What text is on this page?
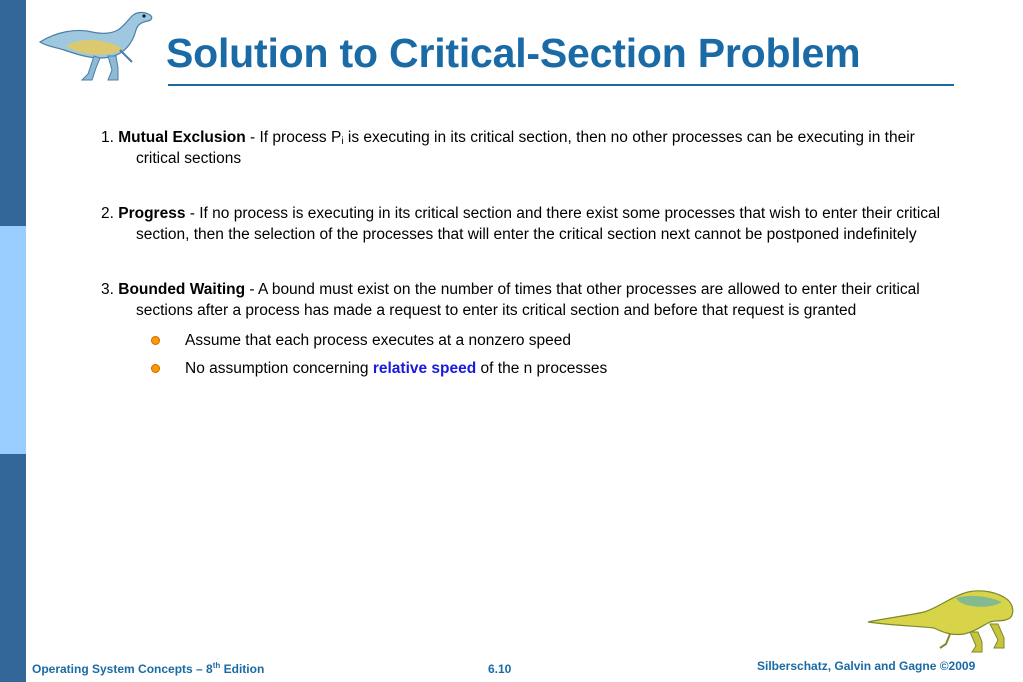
Solution to Critical-Section Problem

1. Mutual Exclusion - If process $P_i$ is executing in its critical section, then no other processes can be executing in their critical sections

2. Progress - If no process is executing in its critical section and there exist some processes that wish to enter their critical section, then the selection of the processes that will enter the critical section next cannot be postponed indefinitely

3. Bounded Waiting - A bound must exist on the number of times that other processes are allowed to enter their critical sections after a process has made a request to enter its critical section and before that request is granted

Assume that each process executes at a nonzero speed
No assumption concerning relative speed of the n processes
Operating System Concepts – 8th Edition	6.10	Silberschatz, Galvin and Gagne ©2009
